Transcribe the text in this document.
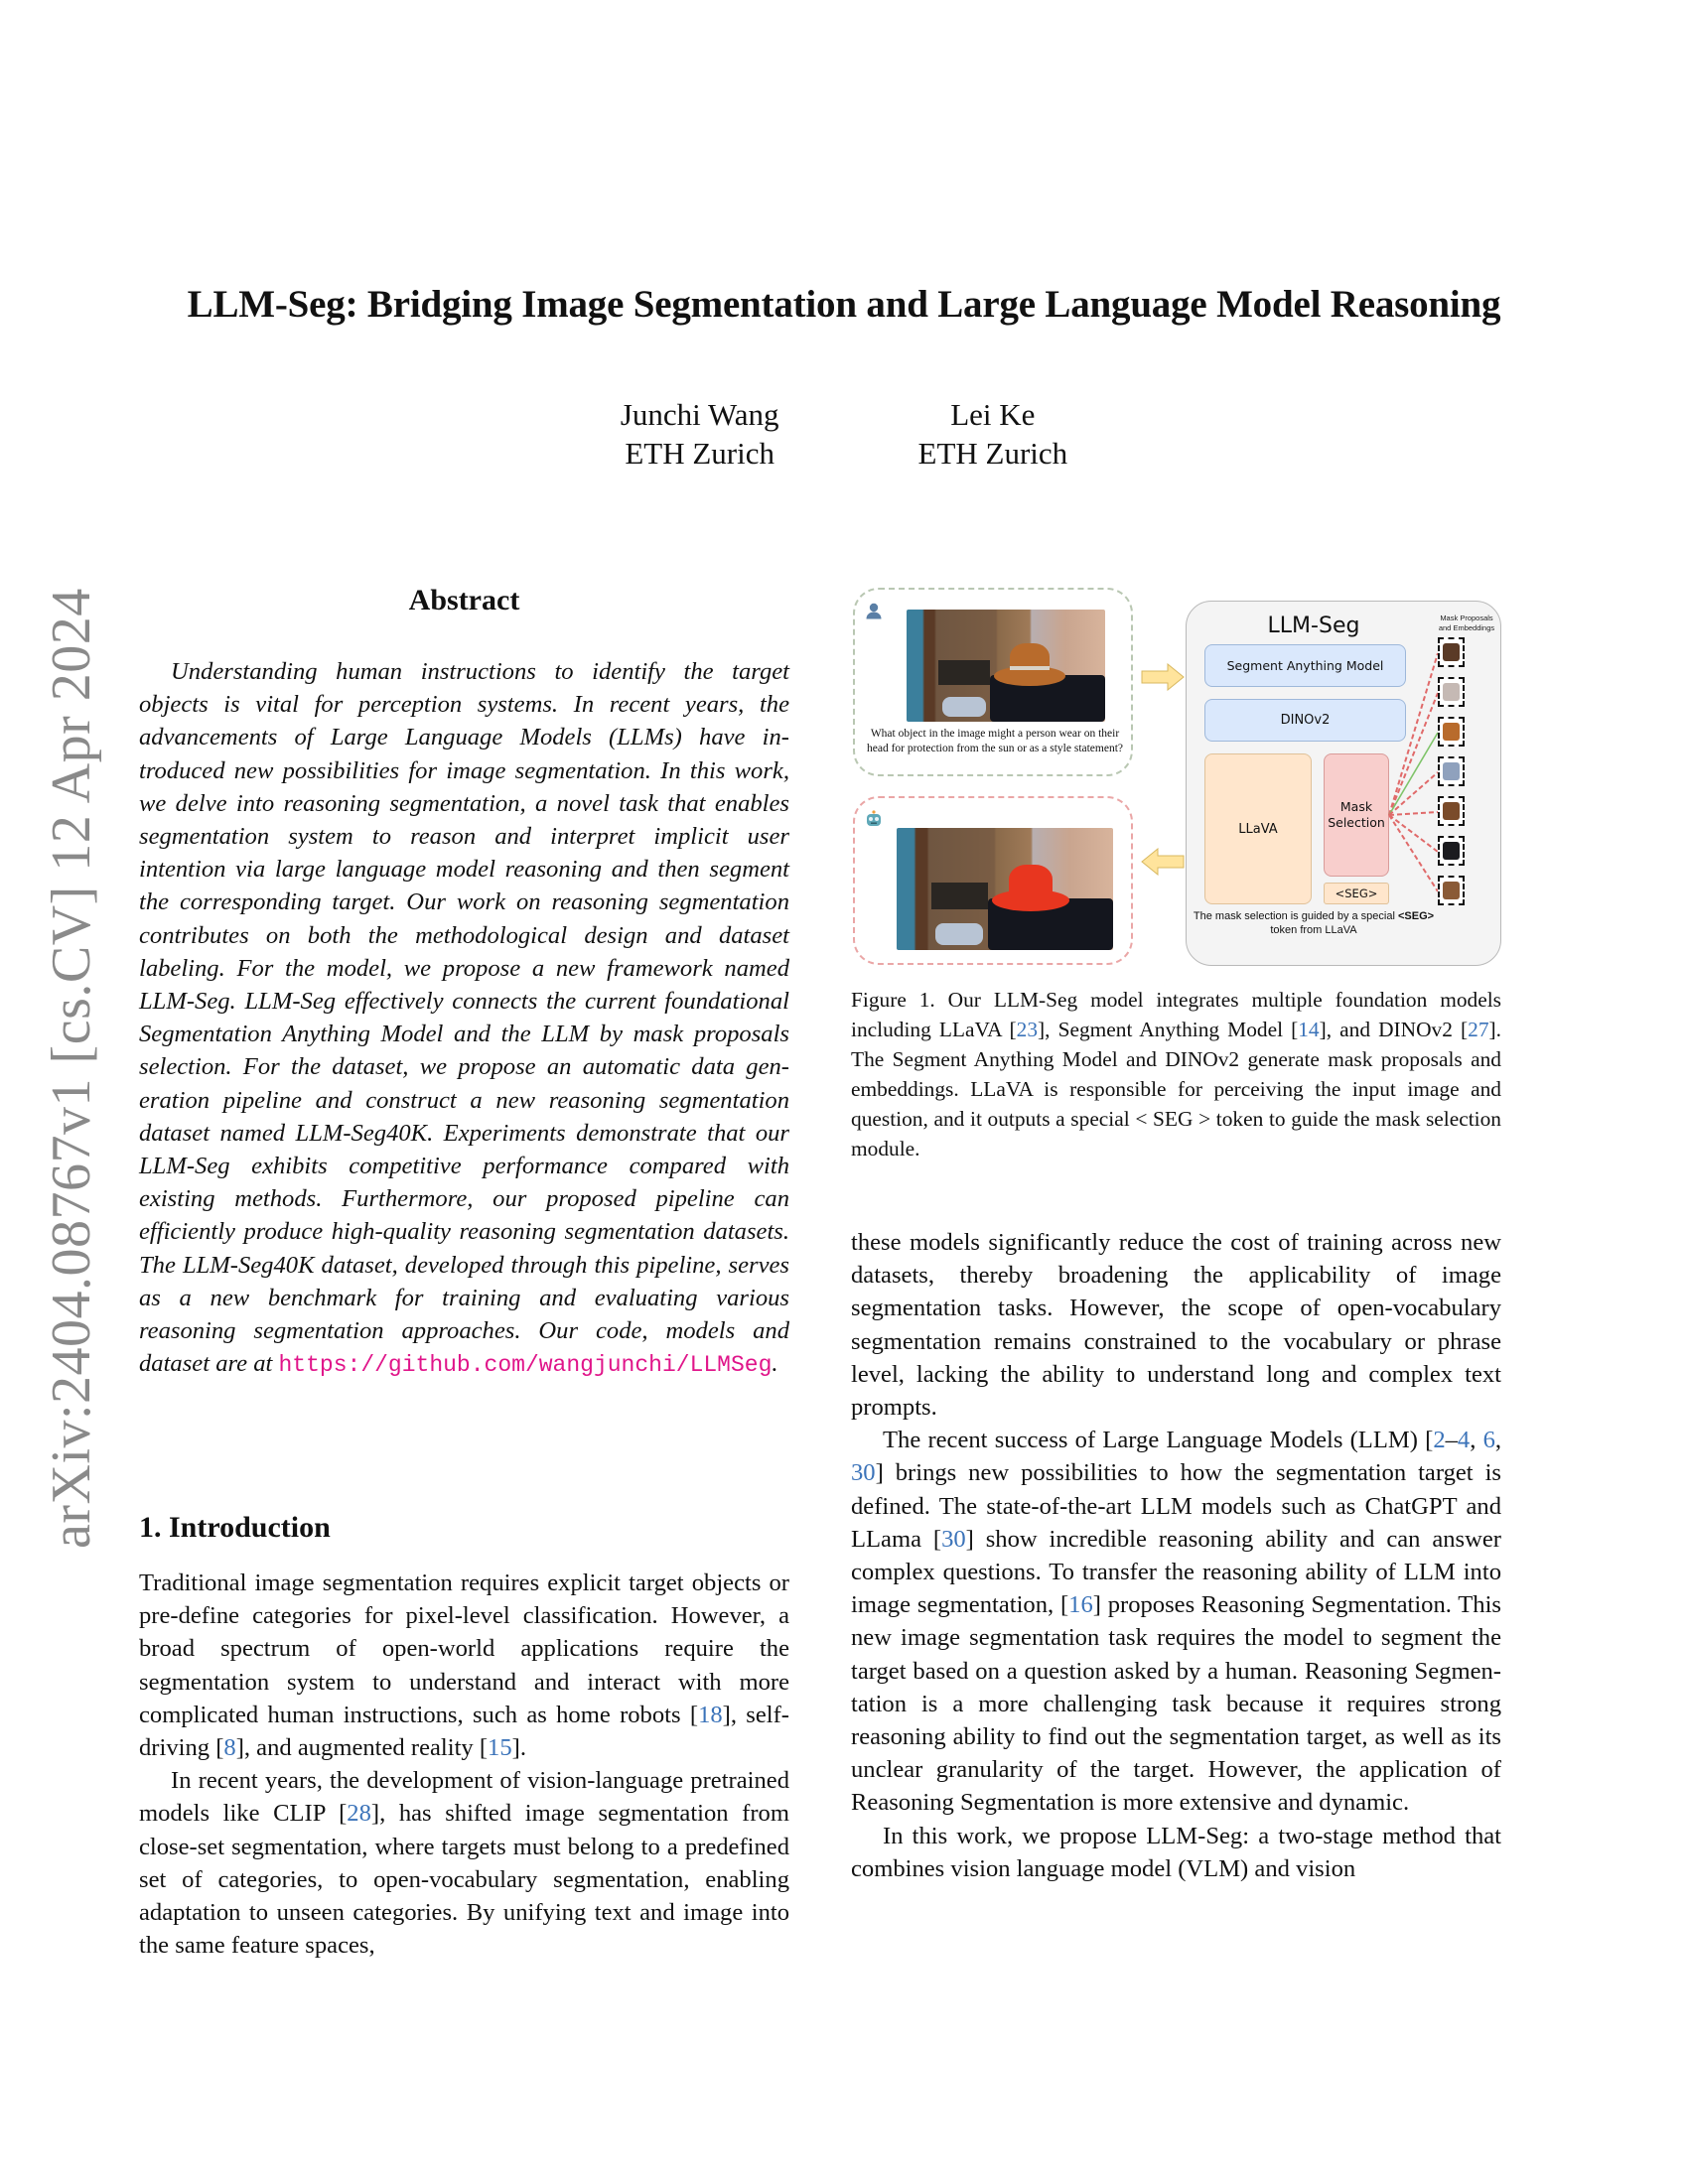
arXiv:2404.08767v1 [cs.CV] 12 Apr 2024
LLM-Seg: Bridging Image Segmentation and Large Language Model Reasoning
Junchi Wang
ETH Zurich
Lei Ke
ETH Zurich
Abstract

Understanding human instructions to identify the target objects is vital for perception systems. In recent years, the advancements of Large Language Models (LLMs) have introduced new possibilities for image segmentation. In this work, we delve into reasoning segmentation, a novel task that enables segmentation system to reason and interpret implicit user intention via large language model reasoning and then segment the corresponding target. Our work on reasoning segmentation contributes on both the methodological design and dataset labeling. For the model, we propose a new framework named LLM-Seg. LLM-Seg effectively connects the current foundational Segmentation Anything Model and the LLM by mask proposals selection. For the dataset, we propose an automatic data generation pipeline and construct a new reasoning segmentation dataset named LLM-Seg40K. Experiments demonstrate that our LLM-Seg exhibits competitive performance compared with existing methods. Furthermore, our proposed pipeline can efficiently produce high-quality reasoning segmentation datasets. The LLM-Seg40K dataset, developed through this pipeline, serves as a new benchmark for training and evaluating various reasoning segmentation approaches. Our code, models and dataset are at https://github.com/wangjunchi/LLMSeg.

1. Introduction

Traditional image segmentation requires explicit target objects or pre-define categories for pixel-level classification. However, a broad spectrum of open-world applications require the segmentation system to understand and interact with more complicated human instructions, such as home robots [18], self-driving [8], and augmented reality [15].

In recent years, the development of vision-language pretrained models like CLIP [28], has shifted image segmentation from close-set segmentation, where targets must belong to a predefined set of categories, to open-vocabulary segmentation, enabling adaptation to unseen categories. By unifying text and image into the same feature spaces,

What object in the image might a person wear on their head for protection from the sun or as a style statement?
LLM-Seg
Segment Anything Model
DINOv2
LLaVA
Mask Selection
<SEG>
The mask selection is guided by a special <SEG> token from LLaVA
Mask Proposals and Embeddings
Figure 1. Our LLM-Seg model integrates multiple foundation models including LLaVA [23], Segment Anything Model [14], and DINOv2 [27]. The Segment Anything Model and DINOv2 generate mask proposals and embeddings. LLaVA is responsible for perceiving the input image and question, and it outputs a special < SEG > token to guide the mask selection module.

these models significantly reduce the cost of training across new datasets, thereby broadening the applicability of image segmentation tasks. However, the scope of open-vocabulary segmentation remains constrained to the vocabulary or phrase level, lacking the ability to understand long and complex text prompts.

The recent success of Large Language Models (LLM) [2–4, 6, 30] brings new possibilities to how the segmentation target is defined. The state-of-the-art LLM models such as ChatGPT and LLama [30] show incredible reasoning ability and can answer complex questions. To transfer the reasoning ability of LLM into image segmentation, [16] proposes Reasoning Segmentation. This new image segmentation task requires the model to segment the target based on a question asked by a human. Reasoning Segmentation is a more challenging task because it requires strong reasoning ability to find out the segmentation target, as well as its unclear granularity of the target. However, the application of Reasoning Segmentation is more extensive and dynamic.

In this work, we propose LLM-Seg: a two-stage method that combines vision language model (VLM) and vision
